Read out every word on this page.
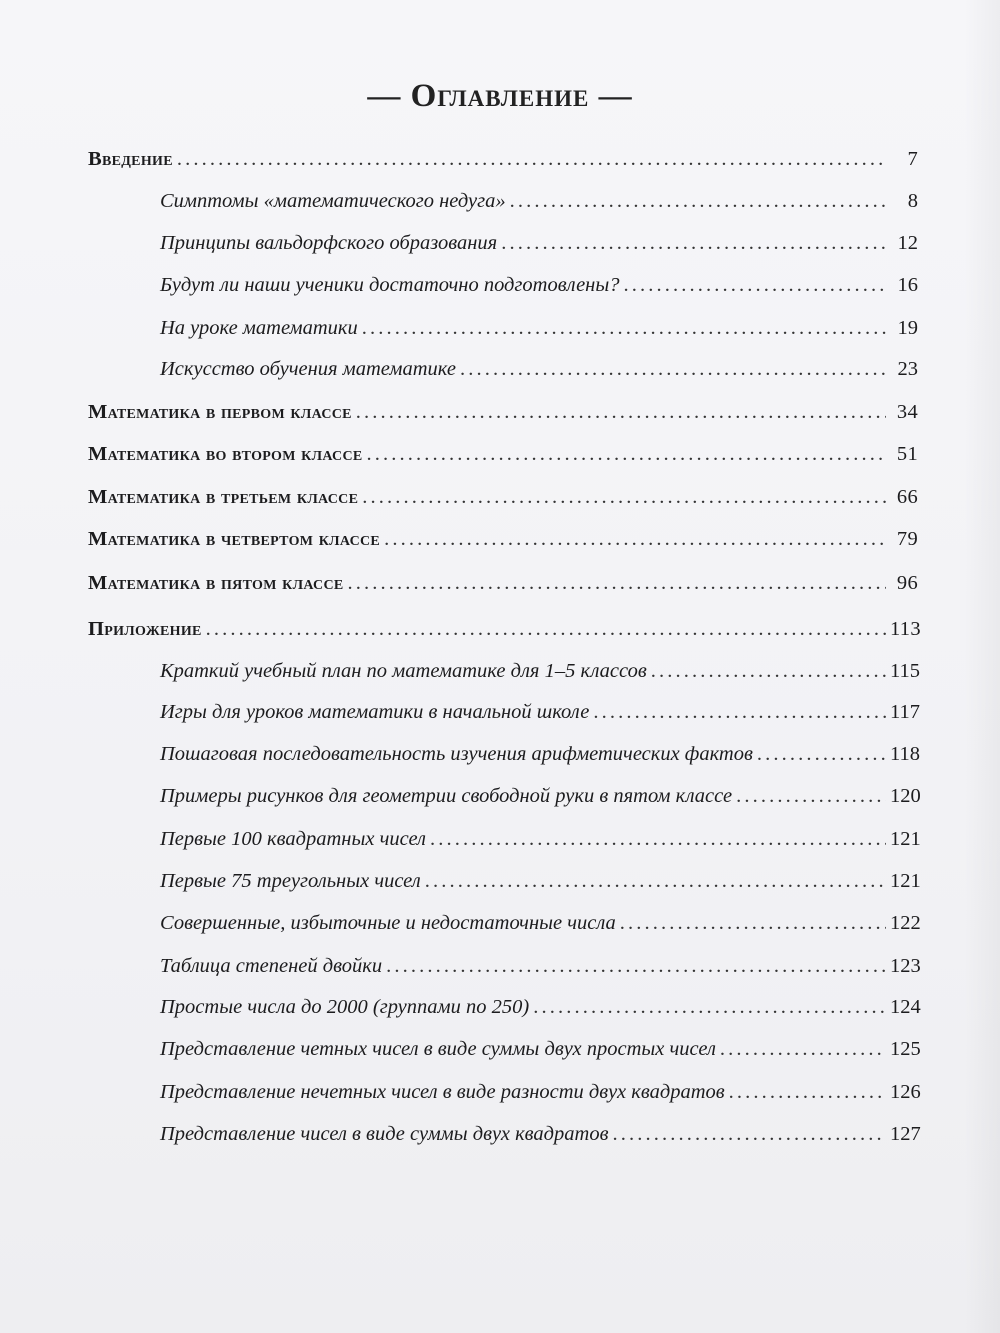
— Оглавление —
Введение . . .	7
Симптомы «математического недуга» . . .	8
Принципы вальдорфского образования . . .	12
Будут ли наши ученики достаточно подготовлены? . . .	16
На уроке математики . . .	19
Искусство обучения математике . . .	23
Математика в первом классе . . .	34
Математика во втором классе . . .	51
Математика в третьем классе . . .	66
Математика в четвертом классе . . .	79
Математика в пятом классе . . .	96
Приложение . . .	113
Краткий учебный план по математике для 1–5 классов . . .	115
Игры для уроков математики в начальной школе . . .	117
Пошаговая последовательность изучения арифметических фактов . . .	118
Примеры рисунков для геометрии свободной руки в пятом классе . . .	120
Первые 100 квадратных чисел . . .	121
Первые 75 треугольных чисел . . .	121
Совершенные, избыточные и недостаточные числа . . .	122
Таблица степеней двойки . . .	123
Простые числа до 2000 (группами по 250) . . .	124
Представление четных чисел в виде суммы двух простых чисел . . .	125
Представление нечетных чисел в виде разности двух квадратов . . .	126
Представление чисел в виде суммы двух квадратов . . .	127
